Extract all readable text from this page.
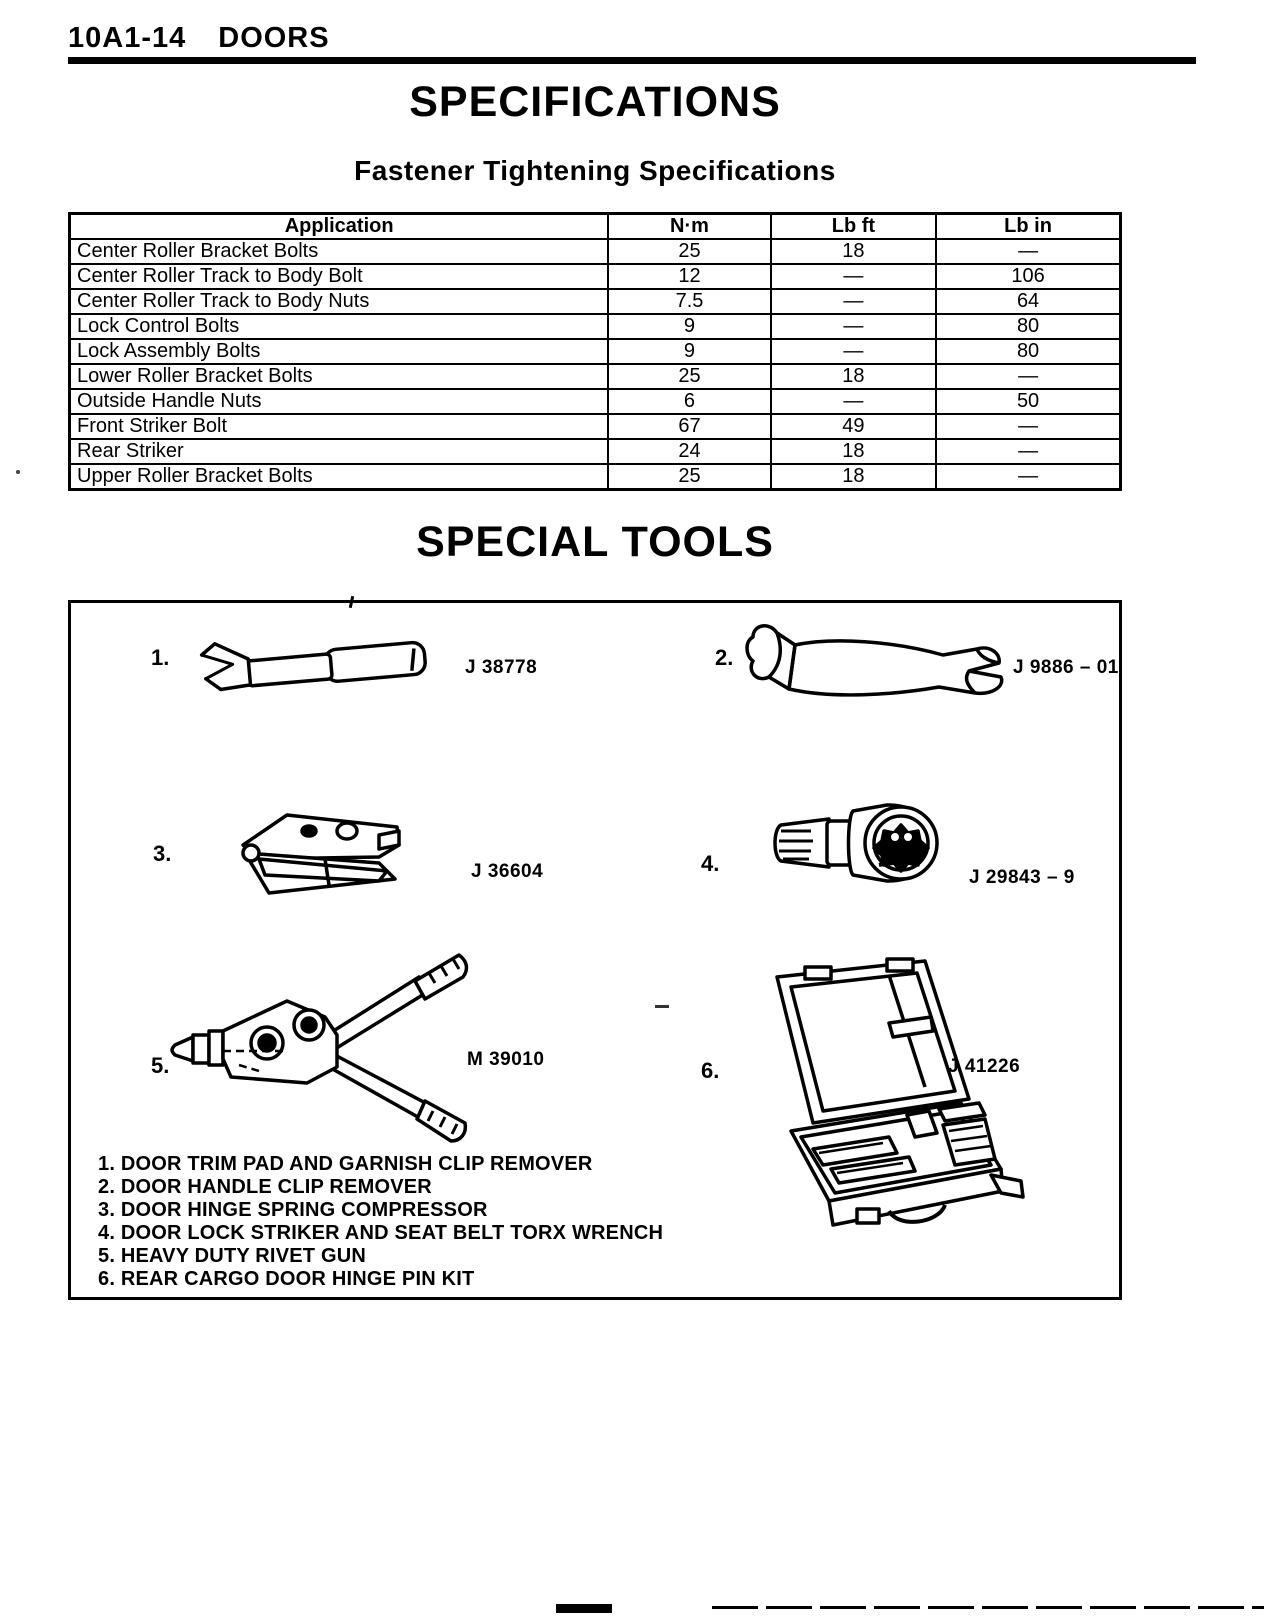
10A1-14 DOORS
SPECIFICATIONS
Fastener Tightening Specifications
Application	N·m	Lb ft	Lb in
Center Roller Bracket Bolts	25	18	—
Center Roller Track to Body Bolt	12	—	106
Center Roller Track to Body Nuts	7.5	—	64
Lock Control Bolts	9	—	80
Lock Assembly Bolts	9	—	80
Lower Roller Bracket Bolts	25	18	—
Outside Handle Nuts	6	—	50
Front Striker Bolt	67	49	—
Rear Striker	24	18	—
Upper Roller Bracket Bolts	25	18	—
SPECIAL TOOLS
1.	J 38778	2.	J 9886 – 01
3.
J 36604	4.
J 29843 – 9
5.	M 39010	6.	J 41226
1. DOOR TRIM PAD AND GARNISH CLIP REMOVER
2. DOOR HANDLE CLIP REMOVER
3. DOOR HINGE SPRING COMPRESSOR
4. DOOR LOCK STRIKER AND SEAT BELT TORX WRENCH
5. HEAVY DUTY RIVET GUN
6. REAR CARGO DOOR HINGE PIN KIT
